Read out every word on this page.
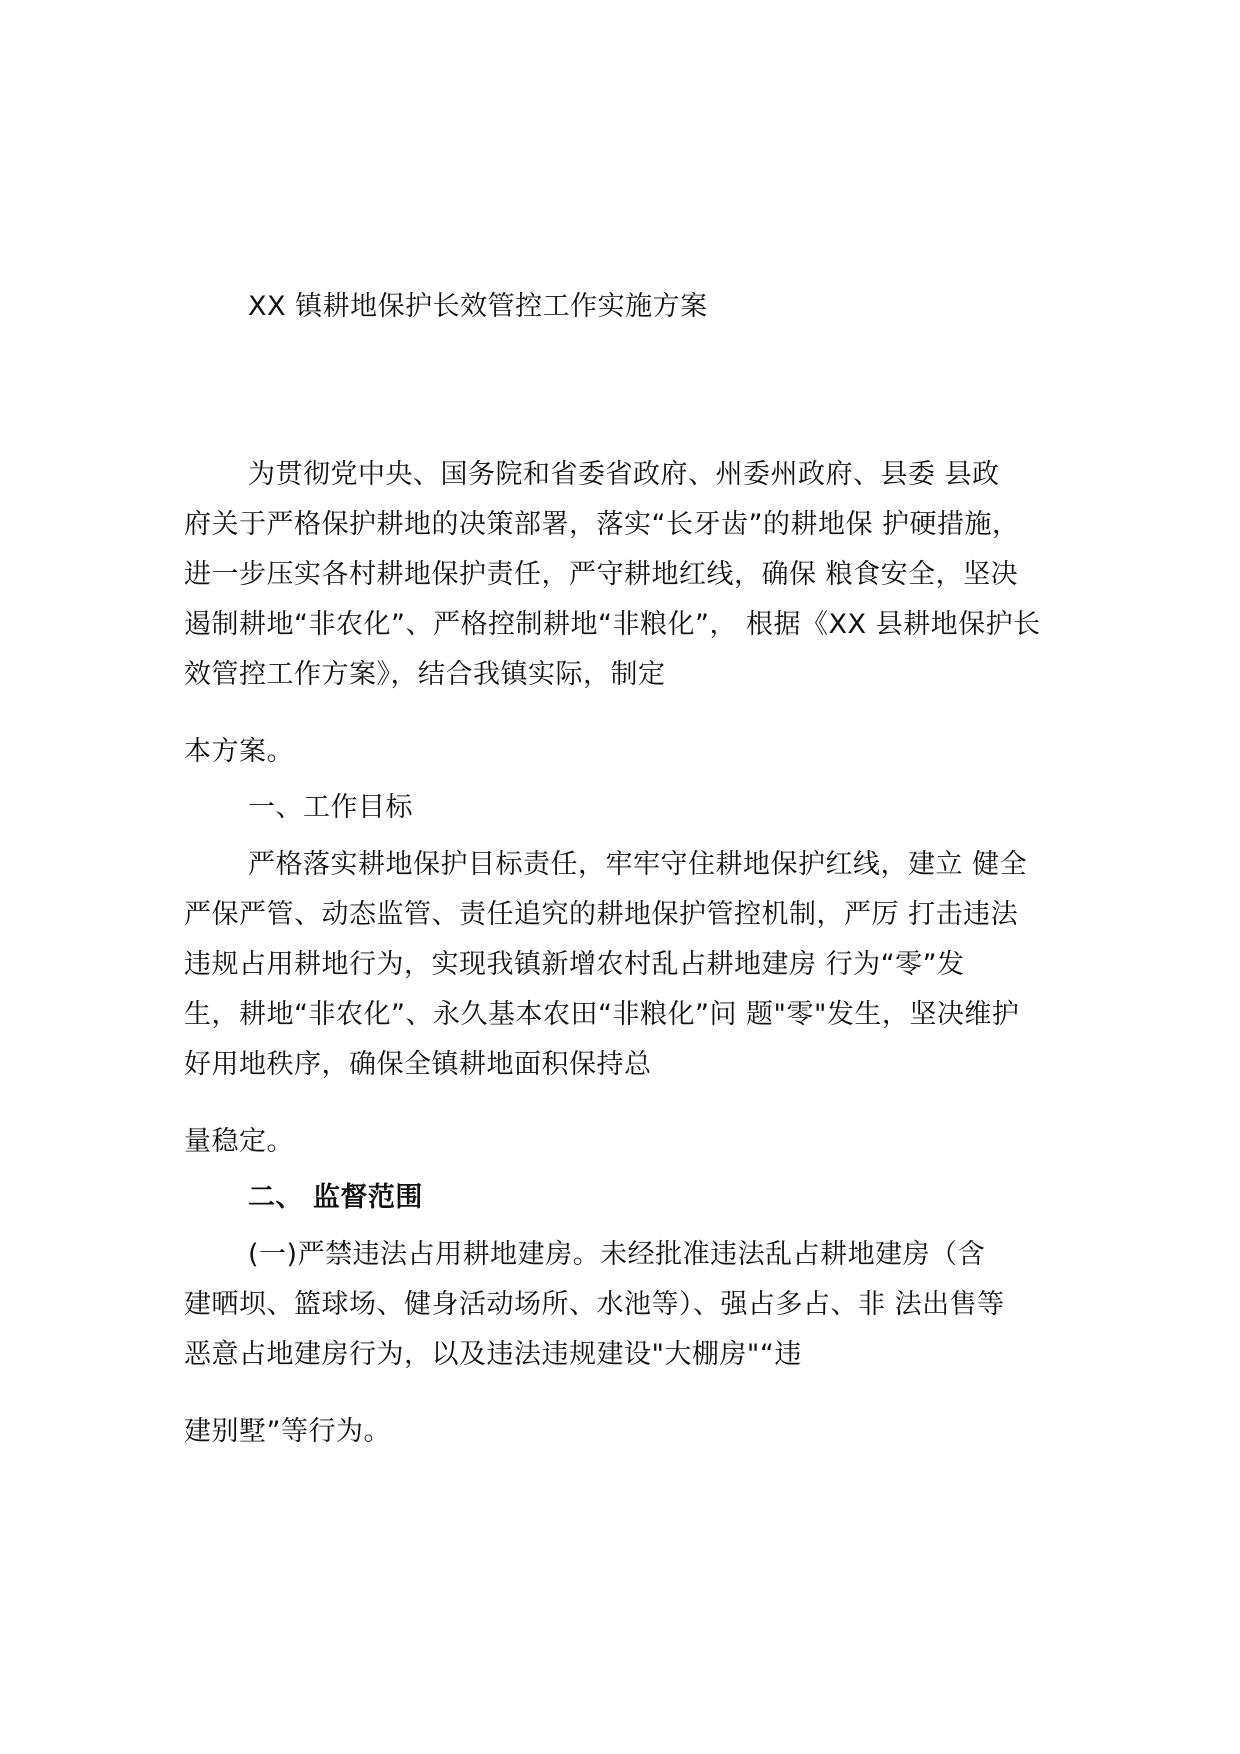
XX 镇耕地保护长效管控工作实施方案
为贯彻党中央、国务院和省委省政府、州委州政府、县委 县政
府关于严格保护耕地的决策部署，落实“长牙齿”的耕地保 护硬措施，
进一步压实各村耕地保护责任，严守耕地红线，确保 粮食安全，坚决
遏制耕地“非农化”、严格控制耕地“非粮化”， 根据《XX 县耕地保护长
效管控工作方案》，结合我镇实际，制定
本方案。
一、工作目标
严格落实耕地保护目标责任，牢牢守住耕地保护红线，建立 健全
严保严管、动态监管、责任追究的耕地保护管控机制，严厉 打击违法
违规占用耕地行为，实现我镇新增农村乱占耕地建房 行为“零”发
生，耕地“非农化”、永久基本农田“非粮化”问 题"零"发生，坚决维护
好用地秩序，确保全镇耕地面积保持总
量稳定。
二、 监督范围
(一)严禁违法占用耕地建房。未经批准违法乱占耕地建房（含
建晒坝、篮球场、健身活动场所、水池等）、强占多占、非 法出售等
恶意占地建房行为，以及违法违规建设"大棚房"“违
建别墅”等行为。
